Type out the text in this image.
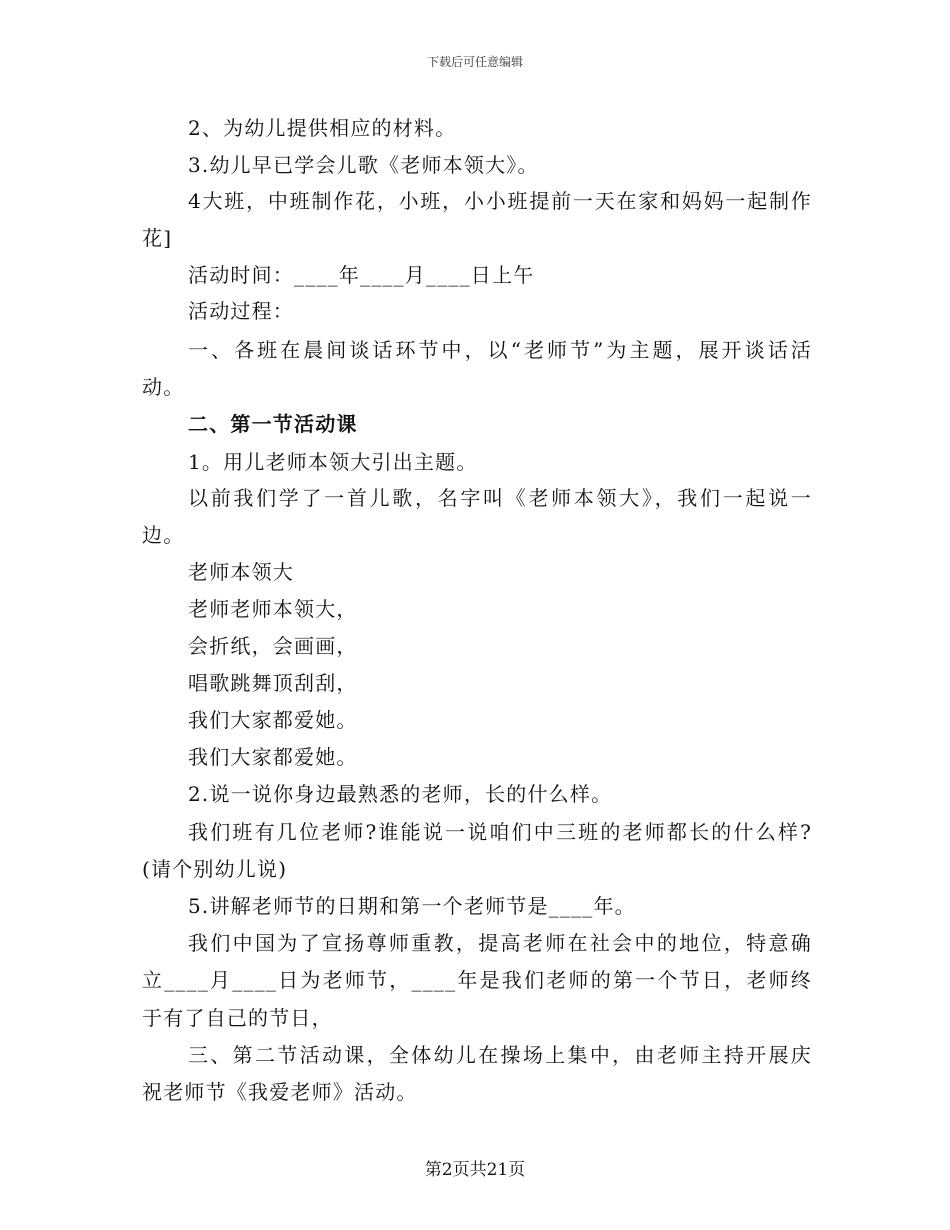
下载后可任意编辑
2、为幼儿提供相应的材料。
3.幼儿早已学会儿歌《老师本领大》。
4大班，中班制作花，小班，小小班提前一天在家和妈妈一起制作
花]
活动时间：____年____月____日上午
活动过程：
一、各班在晨间谈话环节中，以“老师节”为主题，展开谈话活
动。
二、第一节活动课
1。用儿老师本领大引出主题。
以前我们学了一首儿歌，名字叫《老师本领大》，我们一起说一
边。
老师本领大
老师老师本领大，
会折纸，会画画，
唱歌跳舞顶刮刮，
我们大家都爱她。
我们大家都爱她。
2.说一说你身边最熟悉的老师，长的什么样。
我们班有几位老师?谁能说一说咱们中三班的老师都长的什么样?
(请个别幼儿说)
5.讲解老师节的日期和第一个老师节是____年。
我们中国为了宣扬尊师重教，提高老师在社会中的地位，特意确
立____月____日为老师节，____年是我们老师的第一个节日，老师终
于有了自己的节日，
三、第二节活动课，全体幼儿在操场上集中，由老师主持开展庆
祝老师节《我爱老师》活动。
第2页共21页
